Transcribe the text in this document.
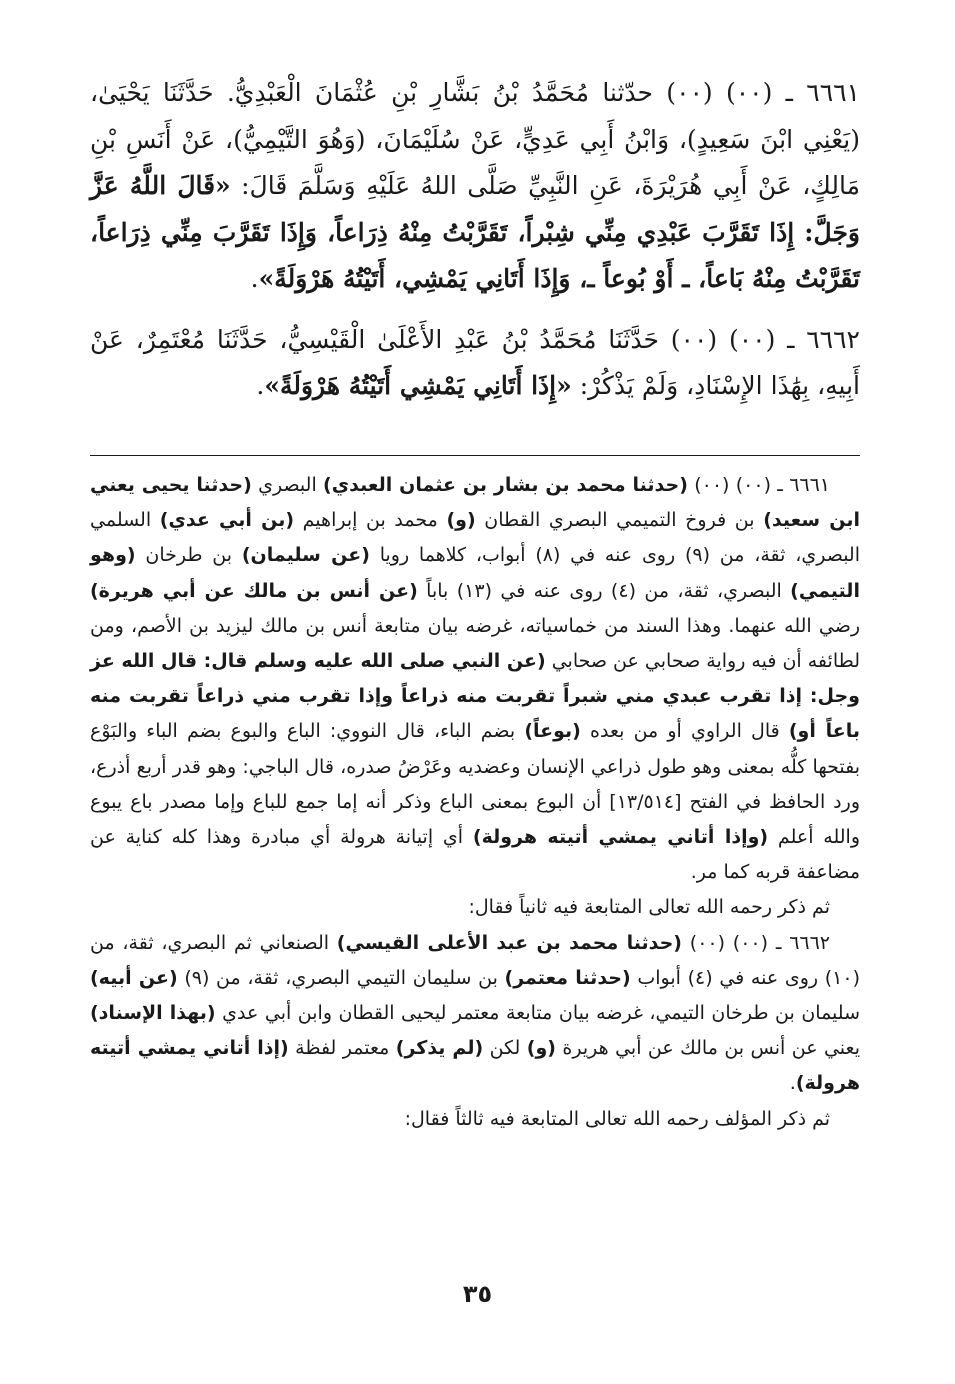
٦٦٦١ ـ (٠٠) (٠٠) حدّثنا مُحَمَّدُ بْنُ بَشَّارِ بْنِ عُثْمَانَ الْعَبْدِيُّ. حَدَّثَنَا يَحْيَىٰ، (يَعْنِي ابْنَ سَعِيدٍ)، وَابْنُ أَبِي عَدِيٍّ، عَنْ سُلَيْمَانَ، (وَهُوَ التَّيْمِيُّ)، عَنْ أَنَسِ بْنِ مَالِكٍ، عَنْ أَبِي هُرَيْرَةَ، عَنِ النَّبِيِّ صَلَّى اللهُ عَلَيْهِ وَسَلَّمَ قَالَ: «قَالَ اللَّهُ عَزَّ وَجَلَّ: إِذَا تَقَرَّبَ عَبْدِي مِنِّي شِبْراً، تَقَرَّبْتُ مِنْهُ ذِرَاعاً، وَإِذَا تَقَرَّبَ مِنِّي ذِرَاعاً، تَقَرَّبْتُ مِنْهُ بَاعاً، ـ أَوْ بُوعاً ـ، وَإِذَا أَتَانِي يَمْشِي، أَتَيْتُهُ هَرْوَلَةً».

٦٦٦٢ ـ (٠٠) (٠٠) حَدَّثَنَا مُحَمَّدُ بْنُ عَبْدِ الأَعْلَىٰ الْقَيْسِيُّ، حَدَّثَنَا مُعْتَمِرٌ، عَنْ أَبِيهِ، بِهَٰذَا الإِسْنَادِ، وَلَمْ يَذْكُرْ: «إِذَا أَتَانِي يَمْشِي أَتَيْتُهُ هَرْوَلَةً».

٦٦٦١ ـ (٠٠) (٠٠) (حدثنا محمد بن بشار بن عثمان العبدي) البصري (حدثنا يحيى يعني ابن سعيد) بن فروخ التميمي البصري القطان (و) محمد بن إبراهيم (بن أبي عدي) السلمي البصري، ثقة، من (٩) روى عنه في (٨) أبواب، كلاهما رويا (عن سليمان) بن طرخان (وهو التيمي) البصري، ثقة، من (٤) روى عنه في (١٣) باباً (عن أنس بن مالك عن أبي هريرة) رضي الله عنهما. وهذا السند من خماسياته، غرضه بيان متابعة أنس بن مالك ليزيد بن الأصم، ومن لطائفه أن فيه رواية صحابي عن صحابي (عن النبي صلى الله عليه وسلم قال: قال الله عز وجل: إذا تقرب عبدي مني شبراً تقربت منه ذراعاً وإذا تقرب مني ذراعاً تقربت منه باعاً أو) قال الراوي أو من بعده (بوعاً) بضم الباء، قال النووي: الباع والبوع بضم الباء والبَوْع بفتحها كلُّه بمعنى وهو طول ذراعي الإنسان وعضديه وعَرْضُ صدره، قال الباجي: وهو قدر أربع أذرع، ورد الحافظ في الفتح [١٣/٥١٤] أن البوع بمعنى الباع وذكر أنه إما جمع للباع وإما مصدر باع يبوع والله أعلم (وإذا أتاني يمشي أتيته هرولة) أي إتيانة هرولة أي مبادرة وهذا كله كناية عن مضاعفة قربه كما مر.

ثم ذكر رحمه الله تعالى المتابعة فيه ثانياً فقال:

٦٦٦٢ ـ (٠٠) (٠٠) (حدثنا محمد بن عبد الأعلى القيسي) الصنعاني ثم البصري، ثقة، من (١٠) روى عنه في (٤) أبواب (حدثنا معتمر) بن سليمان التيمي البصري، ثقة، من (٩) (عن أبيه) سليمان بن طرخان التيمي، غرضه بيان متابعة معتمر ليحيى القطان وابن أبي عدي (بهذا الإسناد) يعني عن أنس بن مالك عن أبي هريرة (و) لكن (لم يذكر) معتمر لفظة (إذا أتاني يمشي أتيته هرولة).

ثم ذكر المؤلف رحمه الله تعالى المتابعة فيه ثالثاً فقال:

٣٥
